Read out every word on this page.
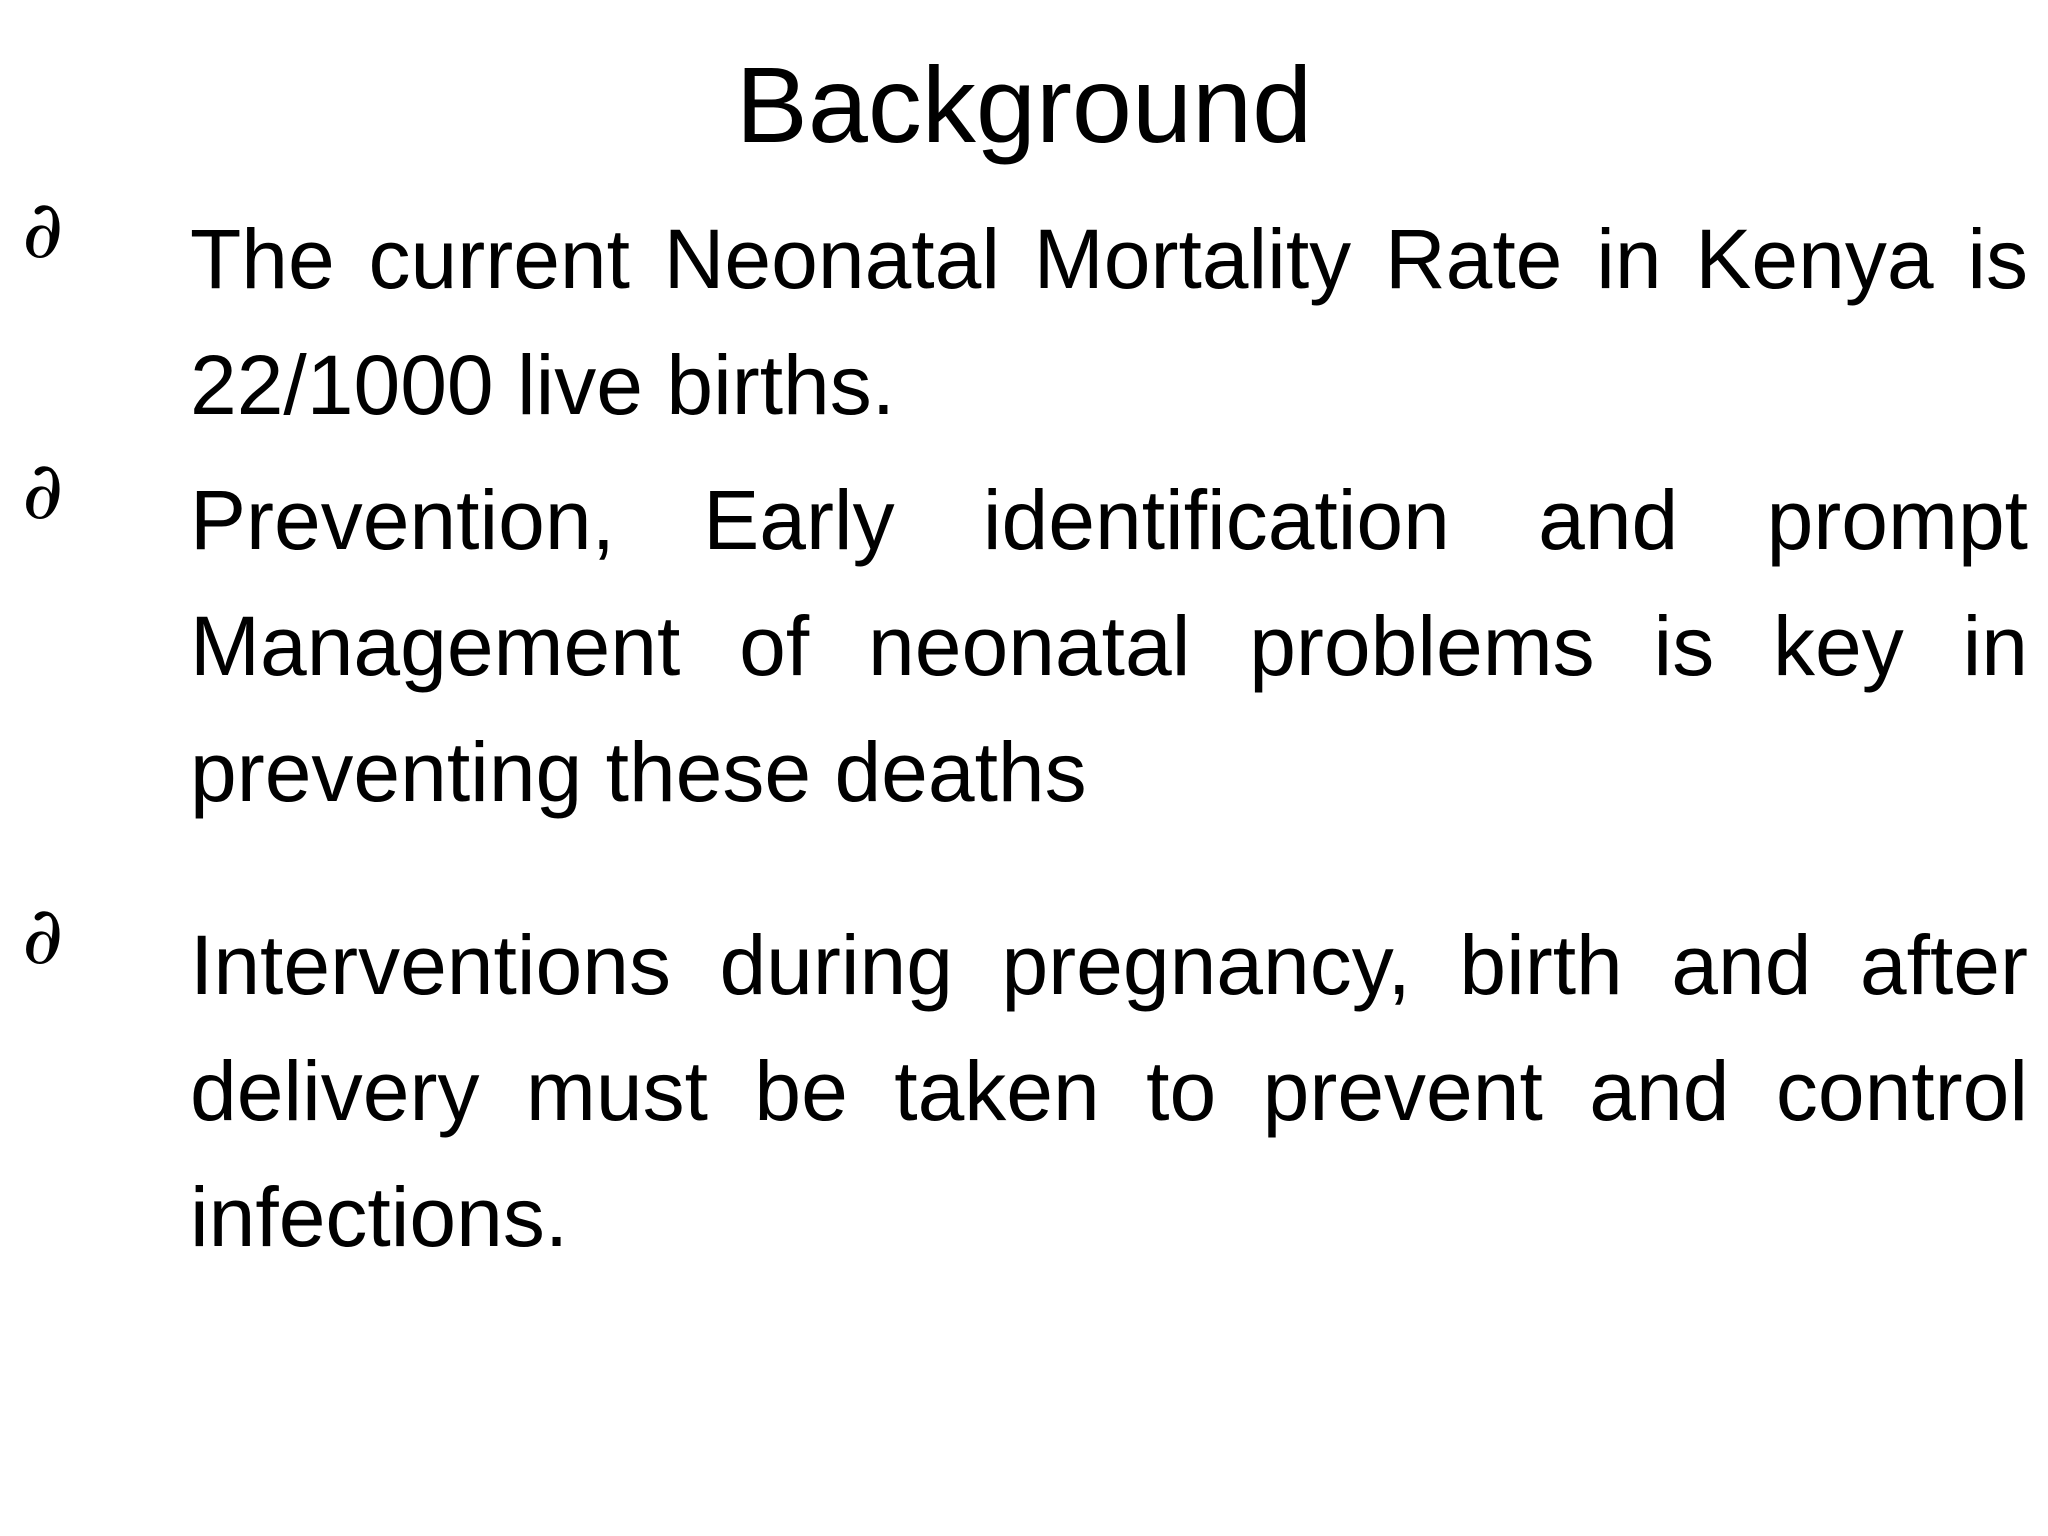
Background
∂ The current Neonatal Mortality Rate in Kenya is 22/1000 live births.

∂ Prevention, Early identification and prompt Management of neonatal problems is key in preventing these deaths

∂ Interventions during pregnancy, birth and after delivery must be taken to prevent and control infections.
